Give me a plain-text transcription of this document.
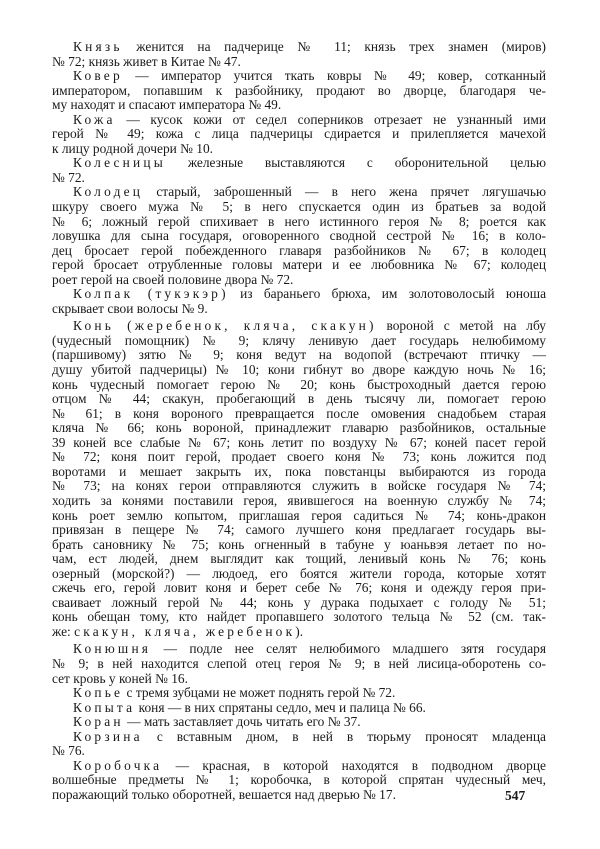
Князь женится на падчерице № 11; князь трех знамен (миров)
№ 72; князь живет в Китае № 47.
Ковер — император учится ткать ковры № 49; ковер, сотканный
императором, попавшим к разбойнику, продают во дворце, благодаря че-
му находят и спасают императора № 49.
Кожа — кусок кожи от седел соперников отрезает не узнанный ими
герой № 49; кожа с лица падчерицы сдирается и прилепляется мачехой
к лицу родной дочери № 10.
Колесницы железные выставляются с оборонительной целью
№ 72.
Колодец старый, заброшенный — в него жена прячет лягушачью
шкуру своего мужа № 5; в него спускается один из братьев за водой
№ 6; ложный герой спихивает в него истинного героя № 8; роется как
ловушка для сына государя, оговоренного сводной сестрой № 16; в коло-
дец бросает герой побежденного главаря разбойников № 67; в колодец
герой бросает отрубленные головы матери и ее любовника № 67; колодец
роет герой на своей половине двора № 72.
Колпак (тукэкэр) из бараньего брюха, им золотоволосый юноша
скрывает свои волосы № 9.
Конь (жеребенок, кляча, скакун) вороной с метой на лбу
(чудесный помощник) № 9; клячу ленивую дает государь нелюбимому
(паршивому) зятю № 9; коня ведут на водопой (встречают птичку —
душу убитой падчерицы) № 10; кони гибнут во дворе каждую ночь № 16;
конь чудесный помогает герою № 20; конь быстроходный дается герою
отцом № 44; скакун, пробегающий в день тысячу ли, помогает герою
№ 61; в коня вороного превращается после омовения снадобьем старая
кляча № 66; конь вороной, принадлежит главарю разбойников, остальные
39 коней все слабые № 67; конь летит по воздуху № 67; коней пасет герой
№ 72; коня поит герой, продает своего коня № 73; конь ложится под
воротами и мешает закрыть их, пока повстанцы выбираются из города
№ 73; на конях герои отправляются служить в войске государя № 74;
ходить за конями поставили героя, явившегося на военную службу № 74;
конь роет землю копытом, приглашая героя садиться № 74; конь-дракон
привязан в пещере № 74; самого лучшего коня предлагает государь вы-
брать сановнику № 75; конь огненный в табуне у юаньвэя летает по но-
чам, ест людей, днем выглядит как тощий, ленивый конь № 76; конь
озерный (морской?) — людоед, его боятся жители города, которые хотят
сжечь его, герой ловит коня и берет себе № 76; коня и одежду героя при-
сваивает ложный герой № 44; конь у дурака подыхает с голоду № 51;
конь обещан тому, кто найдет пропавшего золотого тельца № 52 (см. так-
же: скакун, кляча, жеребенок).
Конюшня — подле нее селят нелюбимого младшего зятя государя
№ 9; в ней находится слепой отец героя № 9; в ней лисица-оборотень со-
сет кровь у коней № 16.
Копье с тремя зубцами не может поднять герой № 72.
Копыта коня — в них спрятаны седло, меч и палица № 66.
Коран — мать заставляет дочь читать его № 37.
Корзина с вставным дном, в ней в тюрьму проносят младенца
№ 76.
Коробочка — красная, в которой находятся в подводном дворце
волшебные предметы № 1; коробочка, в которой спрятан чудесный меч,
поражающий только оборотней, вешается над дверью № 17.	547
